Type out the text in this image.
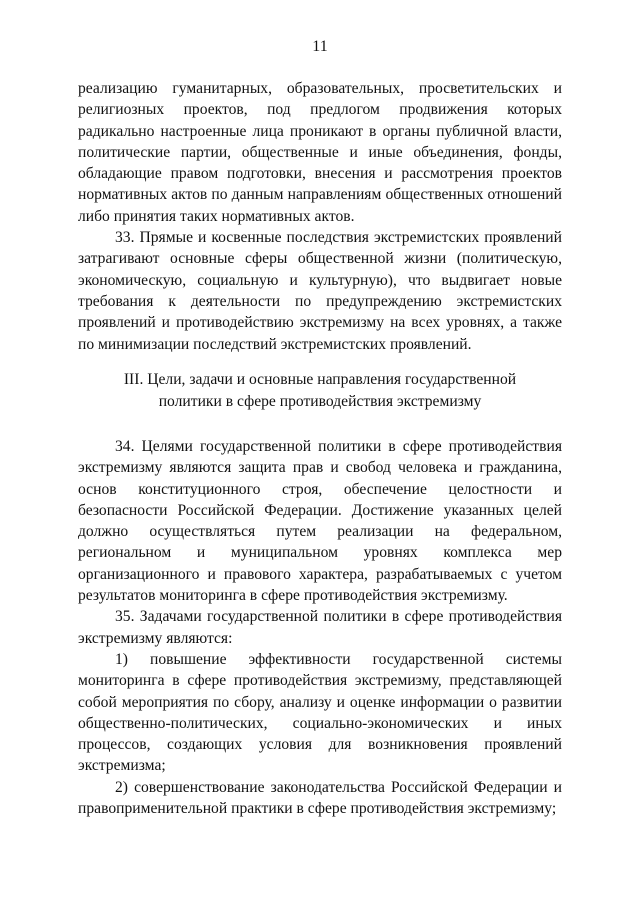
11

реализацию гуманитарных, образовательных, просветительских и религиозных проектов, под предлогом продвижения которых радикально настроенные лица проникают в органы публичной власти, политические партии, общественные и иные объединения, фонды, обладающие правом подготовки, внесения и рассмотрения проектов нормативных актов по данным направлениям общественных отношений либо принятия таких нормативных актов.

33. Прямые и косвенные последствия экстремистских проявлений затрагивают основные сферы общественной жизни (политическую, экономическую, социальную и культурную), что выдвигает новые требования к деятельности по предупреждению экстремистских проявлений и противодействию экстремизму на всех уровнях, а также по минимизации последствий экстремистских проявлений.

III. Цели, задачи и основные направления государственной
политики в сфере противодействия экстремизму

34. Целями государственной политики в сфере противодействия экстремизму являются защита прав и свобод человека и гражданина, основ конституционного строя, обеспечение целостности и безопасности Российской Федерации. Достижение указанных целей должно осуществляться путем реализации на федеральном, региональном и муниципальном уровнях комплекса мер организационного и правового характера, разрабатываемых с учетом результатов мониторинга в сфере противодействия экстремизму.

35. Задачами государственной политики в сфере противодействия экстремизму являются:

1) повышение эффективности государственной системы мониторинга в сфере противодействия экстремизму, представляющей собой мероприятия по сбору, анализу и оценке информации о развитии общественно-политических, социально-экономических и иных процессов, создающих условия для возникновения проявлений экстремизма;

2) совершенствование законодательства Российской Федерации и правоприменительной практики в сфере противодействия экстремизму;
